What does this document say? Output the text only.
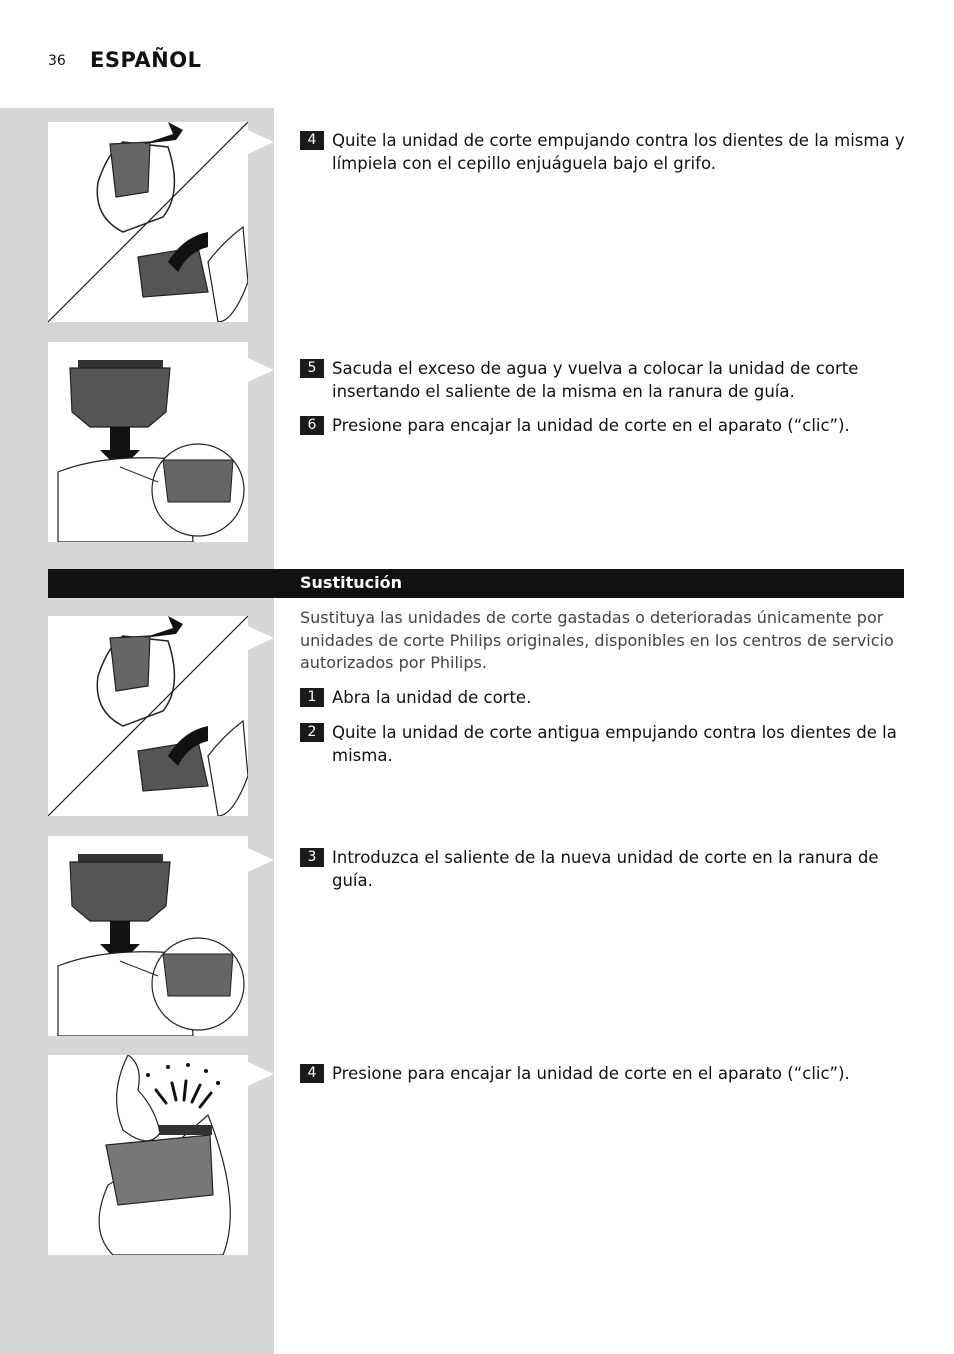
36 ESPAÑOL
4 Quite la unidad de corte empujando contra los dientes de la misma y límpiela con el cepillo enjuáguela bajo el grifo.
5 Sacuda el exceso de agua y vuelva a colocar la unidad de corte insertando el saliente de la misma en la ranura de guía.
6 Presione para encajar la unidad de corte en el aparato (“clic”).
Sustitución
Sustituya las unidades de corte gastadas o deterioradas únicamente por unidades de corte Philips originales, disponibles en los centros de servicio autorizados por Philips.
1 Abra la unidad de corte.
2 Quite la unidad de corte antigua empujando contra los dientes de la misma.
3 Introduzca el saliente de la nueva unidad de corte en la ranura de guía.
4 Presione para encajar la unidad de corte en el aparato (“clic”).
